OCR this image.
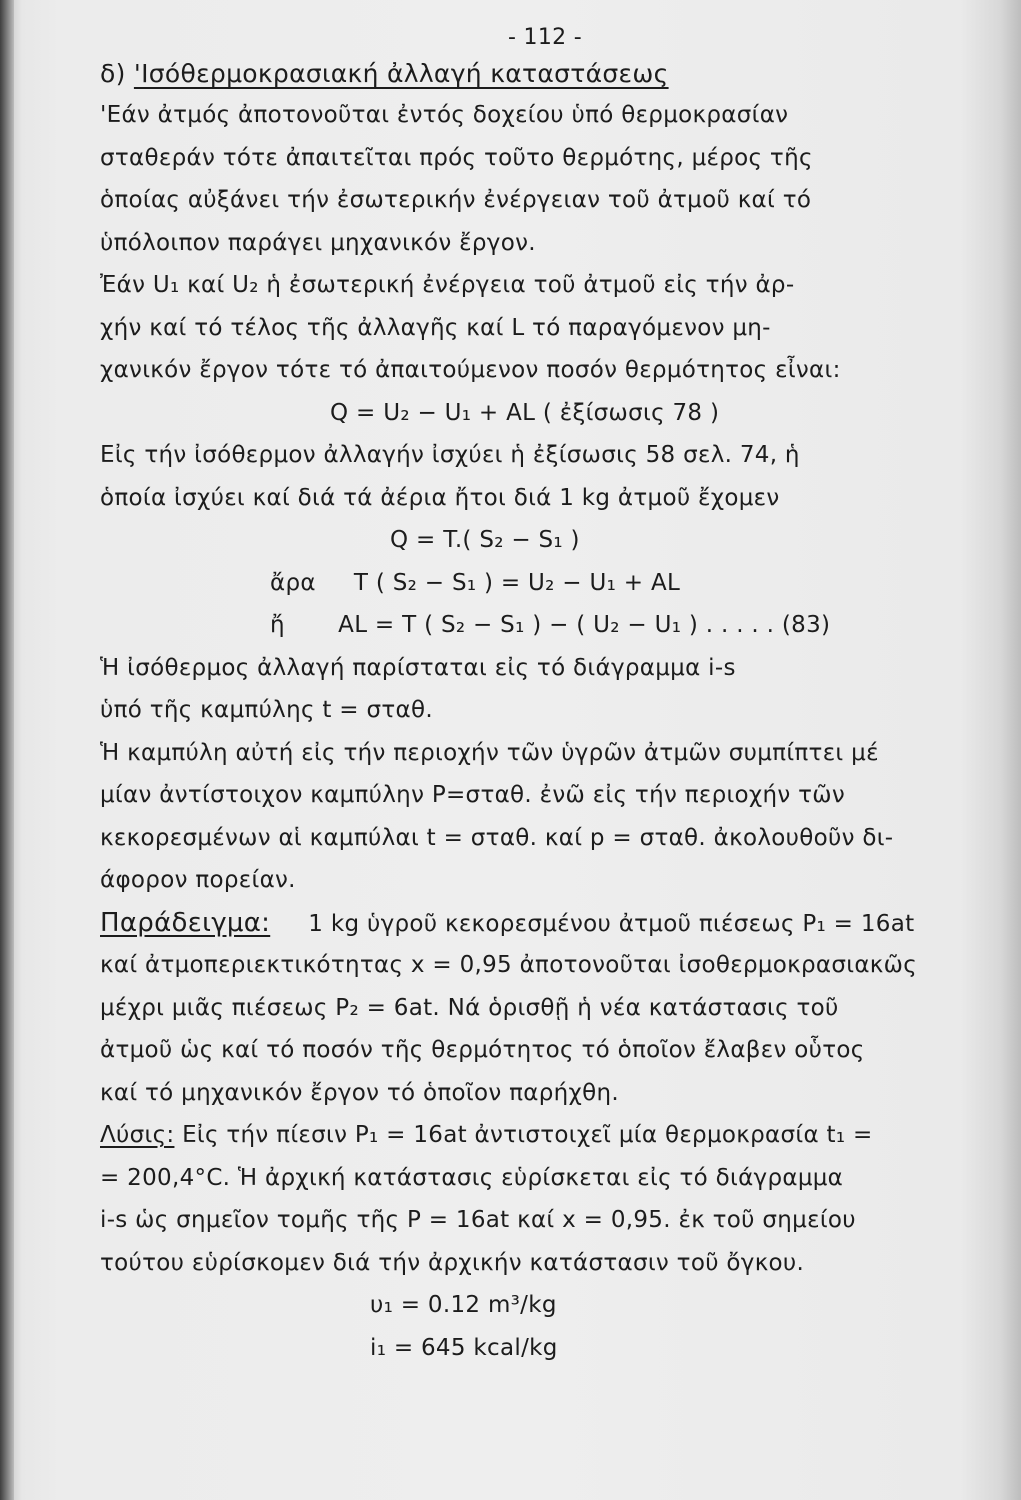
- 112 -
δ) 'Ισόθερμοκρασιακή ἀλλαγή καταστάσεως
'Εάν ἀτμός ἀποτονοῦται ἐντός δοχείου ὑπό θερμοκρασίαν
σταθεράν τότε ἀπαιτεῖται πρός τοῦτο θερμότης, μέρος τῆς
ὁποίας αὐξάνει τήν ἐσωτερικήν ἐνέργειαν τοῦ ἀτμοῦ καί τό
ὑπόλοιπον παράγει μηχανικόν ἔργον.
Ἐάν U₁ καί U₂ ἡ ἐσωτερική ἐνέργεια τοῦ ἀτμοῦ εἰς τήν ἀρ-
χήν καί τό τέλος τῆς ἀλλαγῆς καί L τό παραγόμενον μη-
χανικόν ἔργον τότε τό ἀπαιτούμενον ποσόν θερμότητος εἶναι:
Q = U₂ − U₁ + AL ( ἐξίσωσις 78 )
Εἰς τήν ἰσόθερμον ἀλλαγήν ἰσχύει ἡ ἐξίσωσις 58 σελ. 74, ἡ
ὁποία ἰσχύει καί διά τά ἀέρια ἤτοι διά 1 kg ἀτμοῦ ἔχομεν
Q = T.( S₂ − S₁ )
ἄρα T ( S₂ − S₁ ) = U₂ − U₁ + AL
ἤ AL = T ( S₂ − S₁ ) − ( U₂ − U₁ ) . . . . . (83)
Ἡ ἰσόθερμος ἀλλαγή παρίσταται εἰς τό διάγραμμα i-s
ὑπό τῆς καμπύλης t = σταθ.
Ἡ καμπύλη αὐτή εἰς τήν περιοχήν τῶν ὑγρῶν ἀτμῶν συμπίπτει μέ
μίαν ἀντίστοιχον καμπύλην P=σταθ. ἐνῶ εἰς τήν περιοχήν τῶν
κεκορεσμένων αἱ καμπύλαι t = σταθ. καί p = σταθ. ἀκολουθοῦν δι-
άφορον πορείαν.
Παράδειγμα: 1 kg ὑγροῦ κεκορεσμένου ἀτμοῦ πιέσεως P₁ = 16at
καί ἀτμοπεριεκτικότητας x = 0,95 ἀποτονοῦται ἰσοθερμοκρασιακῶς
μέχρι μιᾶς πιέσεως P₂ = 6at. Νά ὁρισθῇ ἡ νέα κατάστασις τοῦ
ἀτμοῦ ὡς καί τό ποσόν τῆς θερμότητος τό ὁποῖον ἔλαβεν οὗτος
καί τό μηχανικόν ἔργον τό ὁποῖον παρήχθη.
Λύσις: Εἰς τήν πίεσιν P₁ = 16at ἀντιστοιχεῖ μία θερμοκρασία t₁ =
= 200,4°C. Ἡ ἀρχική κατάστασις εὑρίσκεται εἰς τό διάγραμμα
i-s ὡς σημεῖον τομῆς τῆς P = 16at καί x = 0,95. ἐκ τοῦ σημείου
τούτου εὑρίσκομεν διά τήν ἀρχικήν κατάστασιν τοῦ ὄγκου.
υ₁ = 0.12 m³/kg
i₁ = 645 kcal/kg
